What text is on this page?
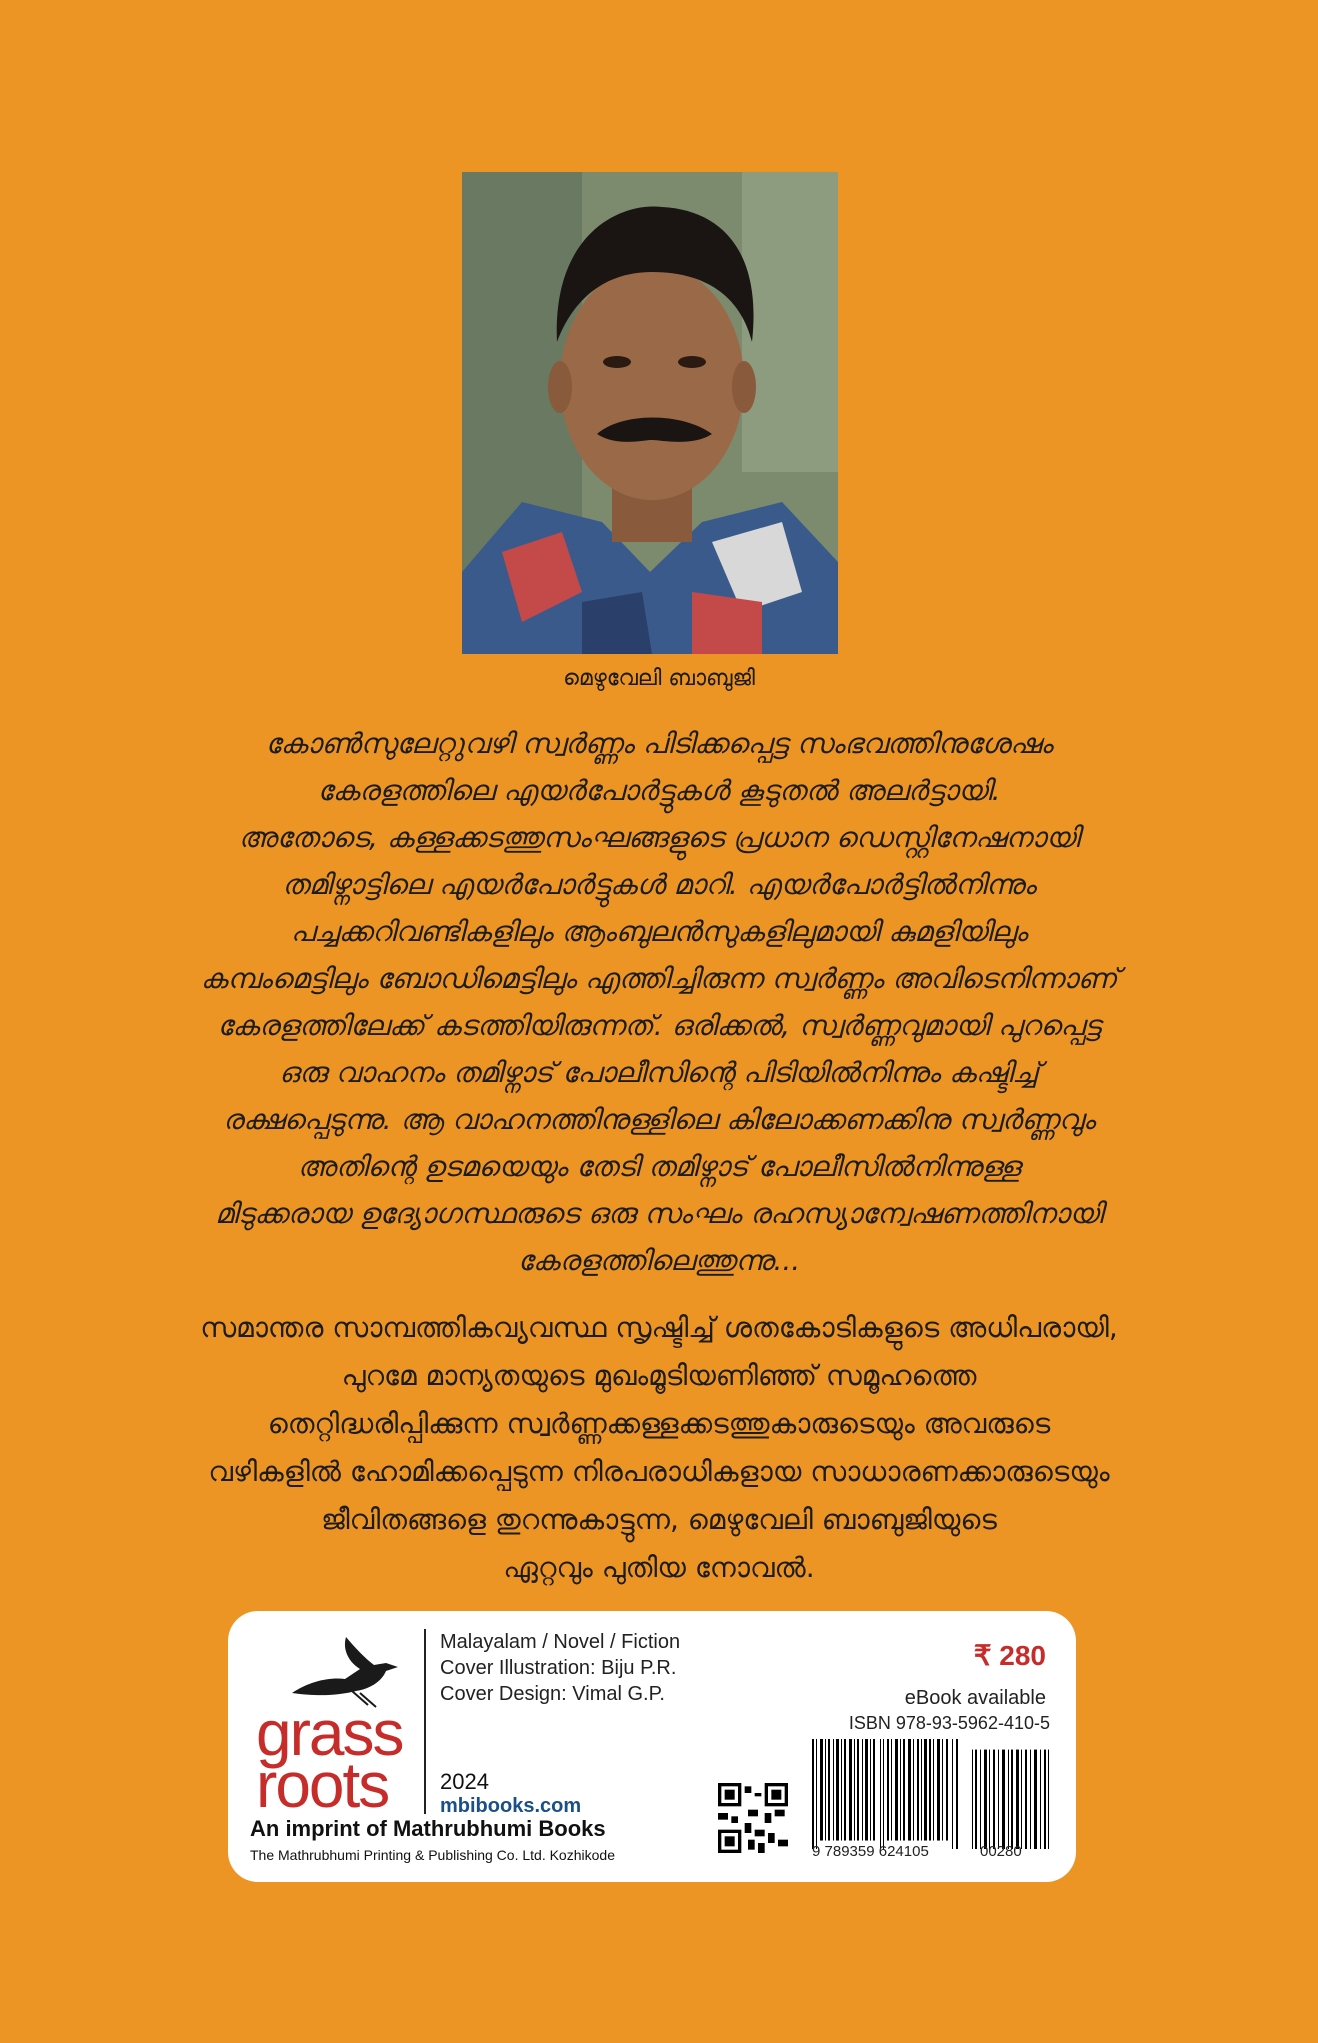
മെഴുവേലി ബാബുജി

കോൺസുലേറ്റുവഴി സ്വർണ്ണം പിടിക്കപ്പെട്ട സംഭവത്തിനുശേഷം
കേരളത്തിലെ എയർപോർട്ടുകൾ കൂടുതൽ അലർട്ടായി.
അതോടെ, കള്ളക്കടത്തുസംഘങ്ങളുടെ പ്രധാന ഡെസ്റ്റിനേഷനായി
തമിഴ്നാട്ടിലെ എയർപോർട്ടുകൾ മാറി. എയർപോർട്ടിൽനിന്നും
പച്ചക്കറിവണ്ടികളിലും ആംബുലൻസുകളിലുമായി കുമളിയിലും
കമ്പംമെട്ടിലും ബോഡിമെട്ടിലും എത്തിച്ചിരുന്ന സ്വർണ്ണം അവിടെനിന്നാണ്
കേരളത്തിലേക്ക് കടത്തിയിരുന്നത്. ഒരിക്കൽ, സ്വർണ്ണവുമായി പുറപ്പെട്ട
ഒരു വാഹനം തമിഴ്നാട് പോലീസിന്റെ പിടിയിൽനിന്നും കഷ്ടിച്ച്
രക്ഷപ്പെടുന്നു. ആ വാഹനത്തിനുള്ളിലെ കിലോക്കണക്കിനു സ്വർണ്ണവും
അതിന്റെ ഉടമയെയും തേടി തമിഴ്നാട് പോലീസിൽനിന്നുള്ള
മിടുക്കരായ ഉദ്യോഗസ്ഥരുടെ ഒരു സംഘം രഹസ്യാന്വേഷണത്തിനായി
കേരളത്തിലെത്തുന്നു...

സമാന്തര സാമ്പത്തികവ്യവസ്ഥ സൃഷ്ടിച്ച് ശതകോടികളുടെ അധിപരായി,
പുറമേ മാന്യതയുടെ മുഖംമൂടിയണിഞ്ഞ് സമൂഹത്തെ
തെറ്റിദ്ധരിപ്പിക്കുന്ന സ്വർണ്ണക്കള്ളക്കടത്തുകാരുടെയും അവരുടെ
വഴികളിൽ ഹോമിക്കപ്പെടുന്ന നിരപരാധികളായ സാധാരണക്കാരുടെയും
ജീവിതങ്ങളെ തുറന്നുകാട്ടുന്ന, മെഴുവേലി ബാബുജിയുടെ
ഏറ്റവും പുതിയ നോവൽ.

grass
roots
An imprint of Mathrubhumi Books
The Mathrubhumi Printing & Publishing Co. Ltd. Kozhikode
Malayalam / Novel / Fiction
Cover Illustration: Biju P.R.
Cover Design: Vimal G.P.
2024
mbibooks.com
₹ 280
eBook available
ISBN 978-93-5962-410-5
9 789359 624105	00280
